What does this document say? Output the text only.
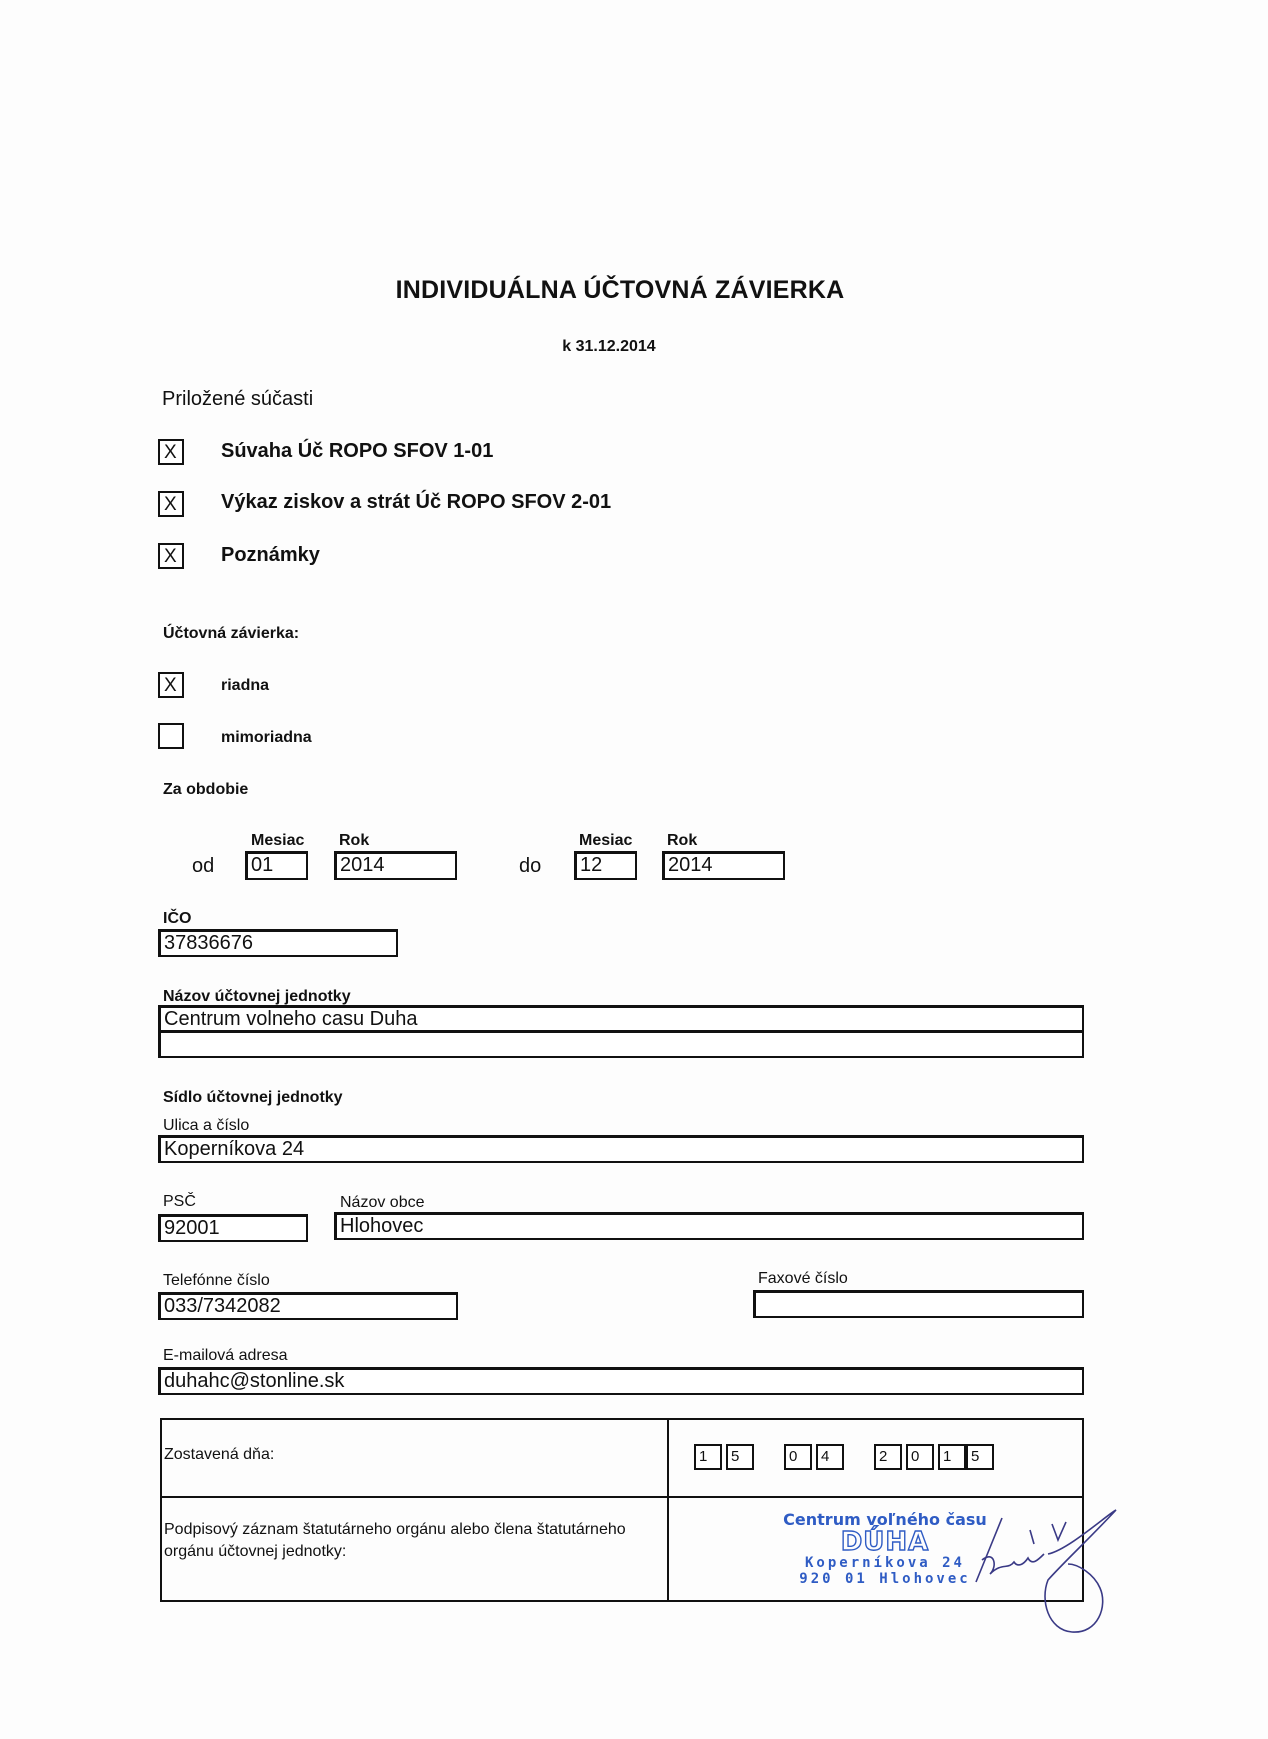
INDIVIDUÁLNA ÚČTOVNÁ ZÁVIERKA
k 31.12.2014
Priložené súčasti
X	Súvaha Úč ROPO SFOV 1-01
X	Výkaz ziskov a strát Úč ROPO SFOV 2-01
X	Poznámky
Účtovná závierka:
X	riadna
mimoriadna
Za obdobie
Mesiac Rok
od	01	2014
Mesiac Rok
do	12	2014
IČO
37836676
Názov účtovnej jednotky
Centrum volneho casu Duha
Sídlo účtovnej jednotky
Ulica a číslo
Koperníkova 24
PSČ
92001
Názov obce
Hlohovec
Telefónne číslo
033/7342082
Faxové číslo
E-mailová adresa
duhahc@stonline.sk
Zostavená dňa:	1	5	0	4	2	0	1	5
Podpisový záznam štatutárneho orgánu alebo člena štatutárneho orgánu účtovnej jednotky:
Centrum voľného času
DÚHA
Koperníkova 24
920 01 Hlohovec
